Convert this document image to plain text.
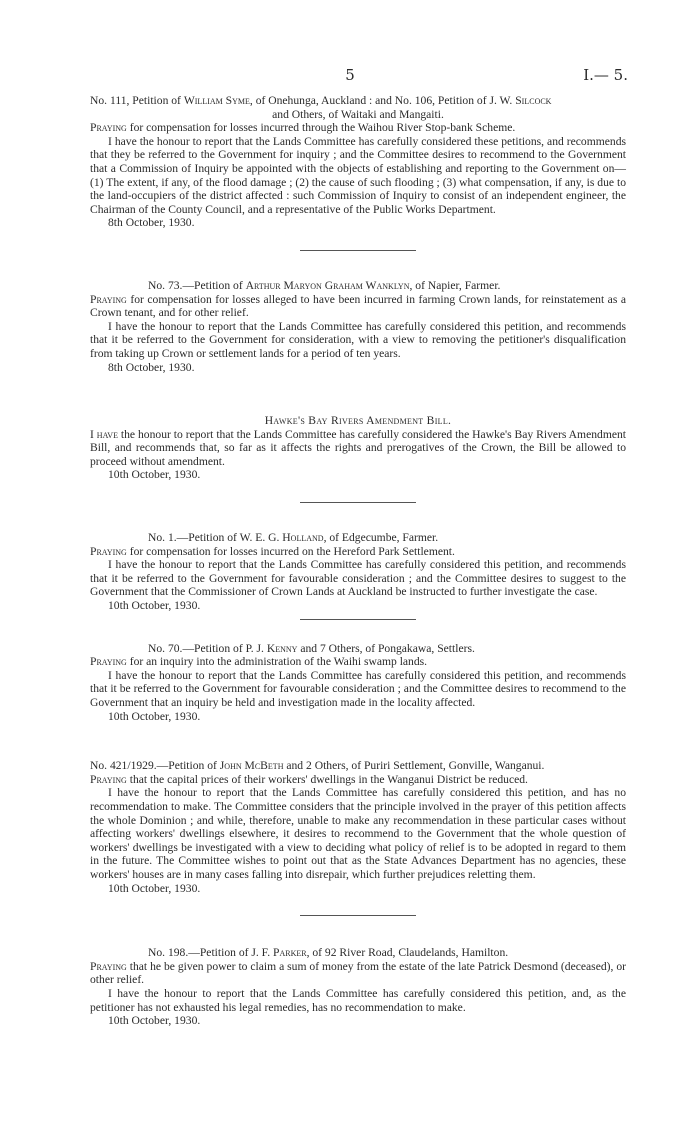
5	I.— 5.

No. 111, Petition of William Syme, of Onehunga, Auckland : and No. 106, Petition of J. W. Silcock
and Others, of Waitaki and Mangaiti.

Praying for compensation for losses incurred through the Waihou River Stop-bank Scheme.

I have the honour to report that the Lands Committee has carefully considered these petitions, and recommends that they be referred to the Government for inquiry ; and the Committee desires to recommend to the Government that a Commission of Inquiry be appointed with the objects of establishing and reporting to the Government on—(1) The extent, if any, of the flood damage ; (2) the cause of such flooding ; (3) what compensation, if any, is due to the land-occupiers of the district affected : such Commission of Inquiry to consist of an independent engineer, the Chairman of the County Council, and a representative of the Public Works Department.

8th October, 1930.

No. 73.—Petition of Arthur Maryon Graham Wanklyn, of Napier, Farmer.

Praying for compensation for losses alleged to have been incurred in farming Crown lands, for reinstatement as a Crown tenant, and for other relief.

I have the honour to report that the Lands Committee has carefully considered this petition, and recommends that it be referred to the Government for consideration, with a view to removing the petitioner's disqualification from taking up Crown or settlement lands for a period of ten years.

8th October, 1930.

Hawke's Bay Rivers Amendment Bill.

I have the honour to report that the Lands Committee has carefully considered the Hawke's Bay Rivers Amendment Bill, and recommends that, so far as it affects the rights and prerogatives of the Crown, the Bill be allowed to proceed without amendment.

10th October, 1930.

No. 1.—Petition of W. E. G. Holland, of Edgecumbe, Farmer.

Praying for compensation for losses incurred on the Hereford Park Settlement.

I have the honour to report that the Lands Committee has carefully considered this petition, and recommends that it be referred to the Government for favourable consideration ; and the Committee desires to suggest to the Government that the Commissioner of Crown Lands at Auckland be instructed to further investigate the case.

10th October, 1930.

No. 70.—Petition of P. J. Kenny and 7 Others, of Pongakawa, Settlers.

Praying for an inquiry into the administration of the Waihi swamp lands.

I have the honour to report that the Lands Committee has carefully considered this petition, and recommends that it be referred to the Government for favourable consideration ; and the Committee desires to recommend to the Government that an inquiry be held and investigation made in the locality affected.

10th October, 1930.

No. 421/1929.—Petition of John McBeth and 2 Others, of Puriri Settlement, Gonville, Wanganui.

Praying that the capital prices of their workers' dwellings in the Wanganui District be reduced.

I have the honour to report that the Lands Committee has carefully considered this petition, and has no recommendation to make. The Committee considers that the principle involved in the prayer of this petition affects the whole Dominion ; and while, therefore, unable to make any recommendation in these particular cases without affecting workers' dwellings elsewhere, it desires to recommend to the Government that the whole question of workers' dwellings be investigated with a view to deciding what policy of relief is to be adopted in regard to them in the future. The Committee wishes to point out that as the State Advances Department has no agencies, these workers' houses are in many cases falling into disrepair, which further prejudices reletting them.

10th October, 1930.

No. 198.—Petition of J. F. Parker, of 92 River Road, Claudelands, Hamilton.

Praying that he be given power to claim a sum of money from the estate of the late Patrick Desmond (deceased), or other relief.

I have the honour to report that the Lands Committee has carefully considered this petition, and, as the petitioner has not exhausted his legal remedies, has no recommendation to make.

10th October, 1930.
